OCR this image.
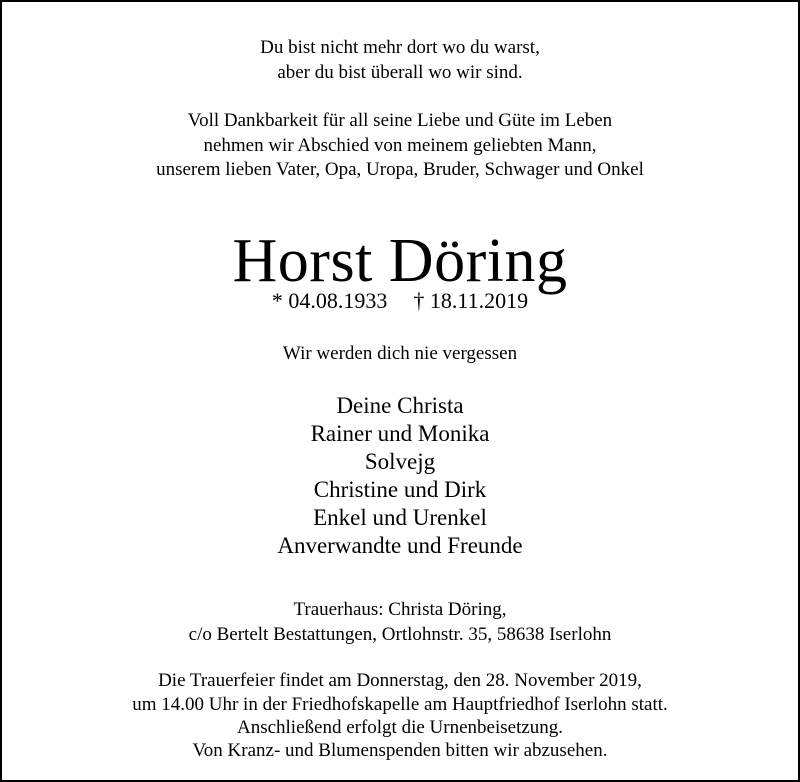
Du bist nicht mehr dort wo du warst,
aber du bist überall wo wir sind.
Voll Dankbarkeit für all seine Liebe und Güte im Leben
nehmen wir Abschied von meinem geliebten Mann,
unserem lieben Vater, Opa, Uropa, Bruder, Schwager und Onkel
Horst Döring
* 04.08.1933 † 18.11.2019
Wir werden dich nie vergessen
Deine Christa
Rainer und Monika
Solvejg
Christine und Dirk
Enkel und Urenkel
Anverwandte und Freunde
Trauerhaus: Christa Döring,
c/o Bertelt Bestattungen, Ortlohnstr. 35, 58638 Iserlohn
Die Trauerfeier findet am Donnerstag, den 28. November 2019,
um 14.00 Uhr in der Friedhofskapelle am Hauptfriedhof Iserlohn statt.
Anschließend erfolgt die Urnenbeisetzung.
Von Kranz- und Blumenspenden bitten wir abzusehen.
